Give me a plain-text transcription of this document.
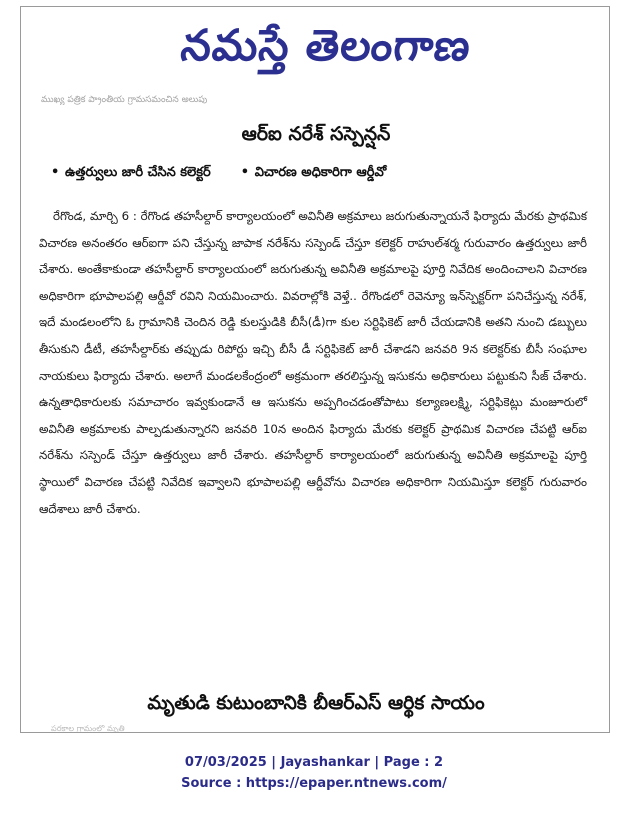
నమస్తే తెలంగాణ
ముఖ్య పత్రిక ప్రా‌ంతీయ గ్రామసమంచిన అలుపు
ఆర్ఐ నరేశ్ సస్పెన్షన్
• ఉత్తర్వులు జారీ చేసిన కలెక్టర్ • విచారణ అధికారిగా ఆర్డీవో

రేగొండ, మార్చి 6 : రేగొండ తహసీల్దార్ కార్యాలయంలో అవినీతి అక్రమాలు జరుగుతున్నాయనే ఫిర్యాదు మేరకు ప్రాథమిక విచారణ అనంతరం ఆర్ఐగా పని చేస్తున్న జాపాక నరేశ్‌ను సస్పెండ్ చేస్తూ కలెక్టర్ రాహుల్‌శర్మ గురువారం ఉత్తర్వులు జారీ చేశారు. అంతేకాకుండా తహసీల్దార్ కార్యాలయంలో జరుగుతున్న అవినీతి అక్రమాలపై పూర్తి నివేదిక అందించాలని విచారణ అధికారిగా భూపాలపల్లి ఆర్డీవో రవిని నియమించారు. వివరాల్లోకి వెళ్తే.. రేగొండలో రెవెన్యూ ఇన్‌స్పెక్టర్‌గా పనిచేస్తున్న నరేశ్, ఇదే మండలంలోని ఓ గ్రామానికి చెందిన రెడ్డి కులస్తుడికి బీసీ(డీ)గా కుల సర్టిఫికెట్ జారీ చేయడానికి అతని నుంచి డబ్బులు తీసుకుని డీటీ, తహసీల్దార్‌కు తప్పుడు రిపోర్టు ఇచ్చి బీసీ డీ సర్టిఫికెట్ జారీ చేశాడని జనవరి 9న కలెక్టర్‌కు బీసీ సంఘాల నాయకులు ఫిర్యాదు చేశారు. అలాగే మండలకేంద్రంలో అక్రమంగా తరలిస్తున్న ఇసుకను అధికారులు పట్టుకుని సీజ్ చేశారు. ఉన్నతాధికారులకు సమాచారం ఇవ్వకుండానే ఆ ఇసుకను అప్పగించడంతోపాటు కల్యాణలక్ష్మి, సర్టిఫికెట్లు మంజూరులో అవినీతి అక్రమాలకు పాల్పడుతున్నారని జనవరి 10న అందిన ఫిర్యాదు మేరకు కలెక్టర్ ప్రాథమిక విచారణ చేపట్టి ఆర్ఐ నరేశ్‌ను సస్పెండ్ చేస్తూ ఉత్తర్వులు జారీ చేశారు. తహసీల్దార్ కార్యాలయంలో జరుగుతున్న అవినీతి అక్రమాలపై పూర్తి స్థాయిలో విచారణ చేపట్టి నివేదిక ఇవ్వాలని భూపాలపల్లి ఆర్డీవోను విచారణ అధికారిగా నియమిస్తూ కలెక్టర్ గురువారం ఆదేశాలు జారీ చేశారు.

మృతుడి కుటుంబానికి బీఆర్ఎస్ ఆర్థిక సాయం
పరకాల గ్రామంలో మృతి
07/03/2025 | Jayashankar | Page : 2
Source : https://epaper.ntnews.com/
